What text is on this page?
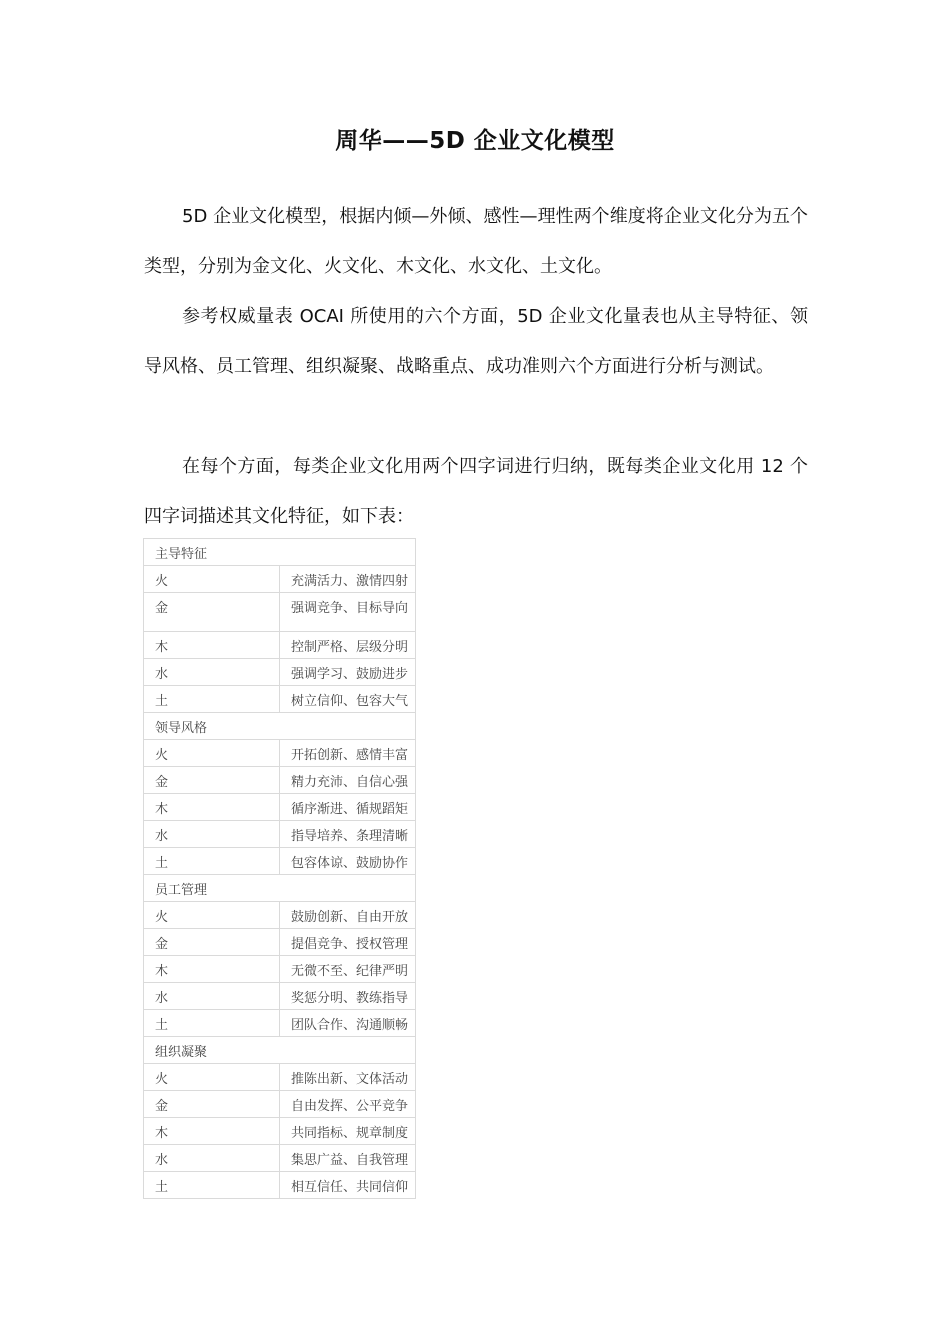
周华——5D 企业文化模型

5D 企业文化模型，根据内倾—外倾、感性—理性两个维度将企业文化分为五个类型，分别为金文化、火文化、木文化、水文化、土文化。

参考权威量表 OCAI 所使用的六个方面，5D 企业文化量表也从主导特征、领导风格、员工管理、组织凝聚、战略重点、成功准则六个方面进行分析与测试。

在每个方面，每类企业文化用两个四字词进行归纳，既每类企业文化用 12 个四字词描述其文化特征，如下表：

主导特征	
火	充满活力、激情四射
金	强调竞争、目标导向
木	控制严格、层级分明
水	强调学习、鼓励进步
土	树立信仰、包容大气
领导风格	
火	开拓创新、感情丰富
金	精力充沛、自信心强
木	循序渐进、循规蹈矩
水	指导培养、条理清晰
土	包容体谅、鼓励协作
员工管理	
火	鼓励创新、自由开放
金	提倡竞争、授权管理
木	无微不至、纪律严明
水	奖惩分明、教练指导
土	团队合作、沟通顺畅
组织凝聚	
火	推陈出新、文体活动
金	自由发挥、公平竞争
木	共同指标、规章制度
水	集思广益、自我管理
土	相互信任、共同信仰
